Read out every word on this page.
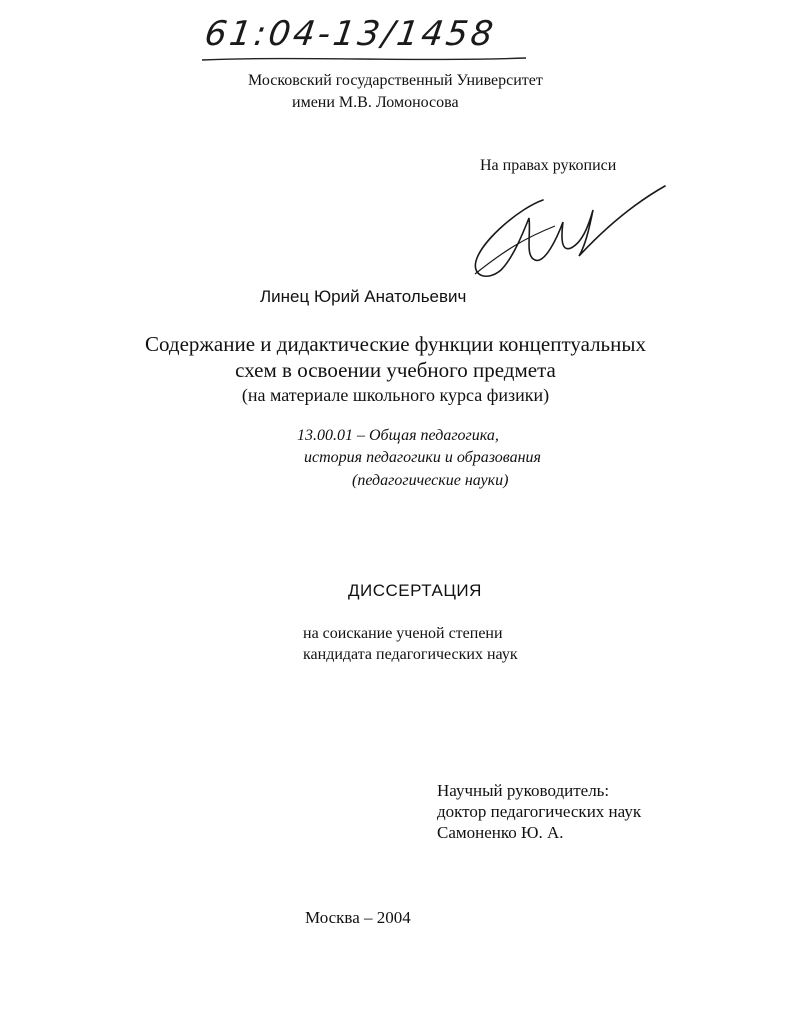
61:04-13/1458
Московский государственный Университет
имени М.В. Ломоносова
На правах рукописи
Линец Юрий Анатольевич
Содержание и дидактические функции концептуальных
схем в освоении учебного предмета
(на материале школьного курса физики)
13.00.01 – Общая педагогика,
история педагогики и образования
(педагогические науки)
ДИССЕРТАЦИЯ
на соискание ученой степени
кандидата педагогических наук
Научный руководитель:
доктор педагогических наук
Самоненко Ю. А.
Москва – 2004
